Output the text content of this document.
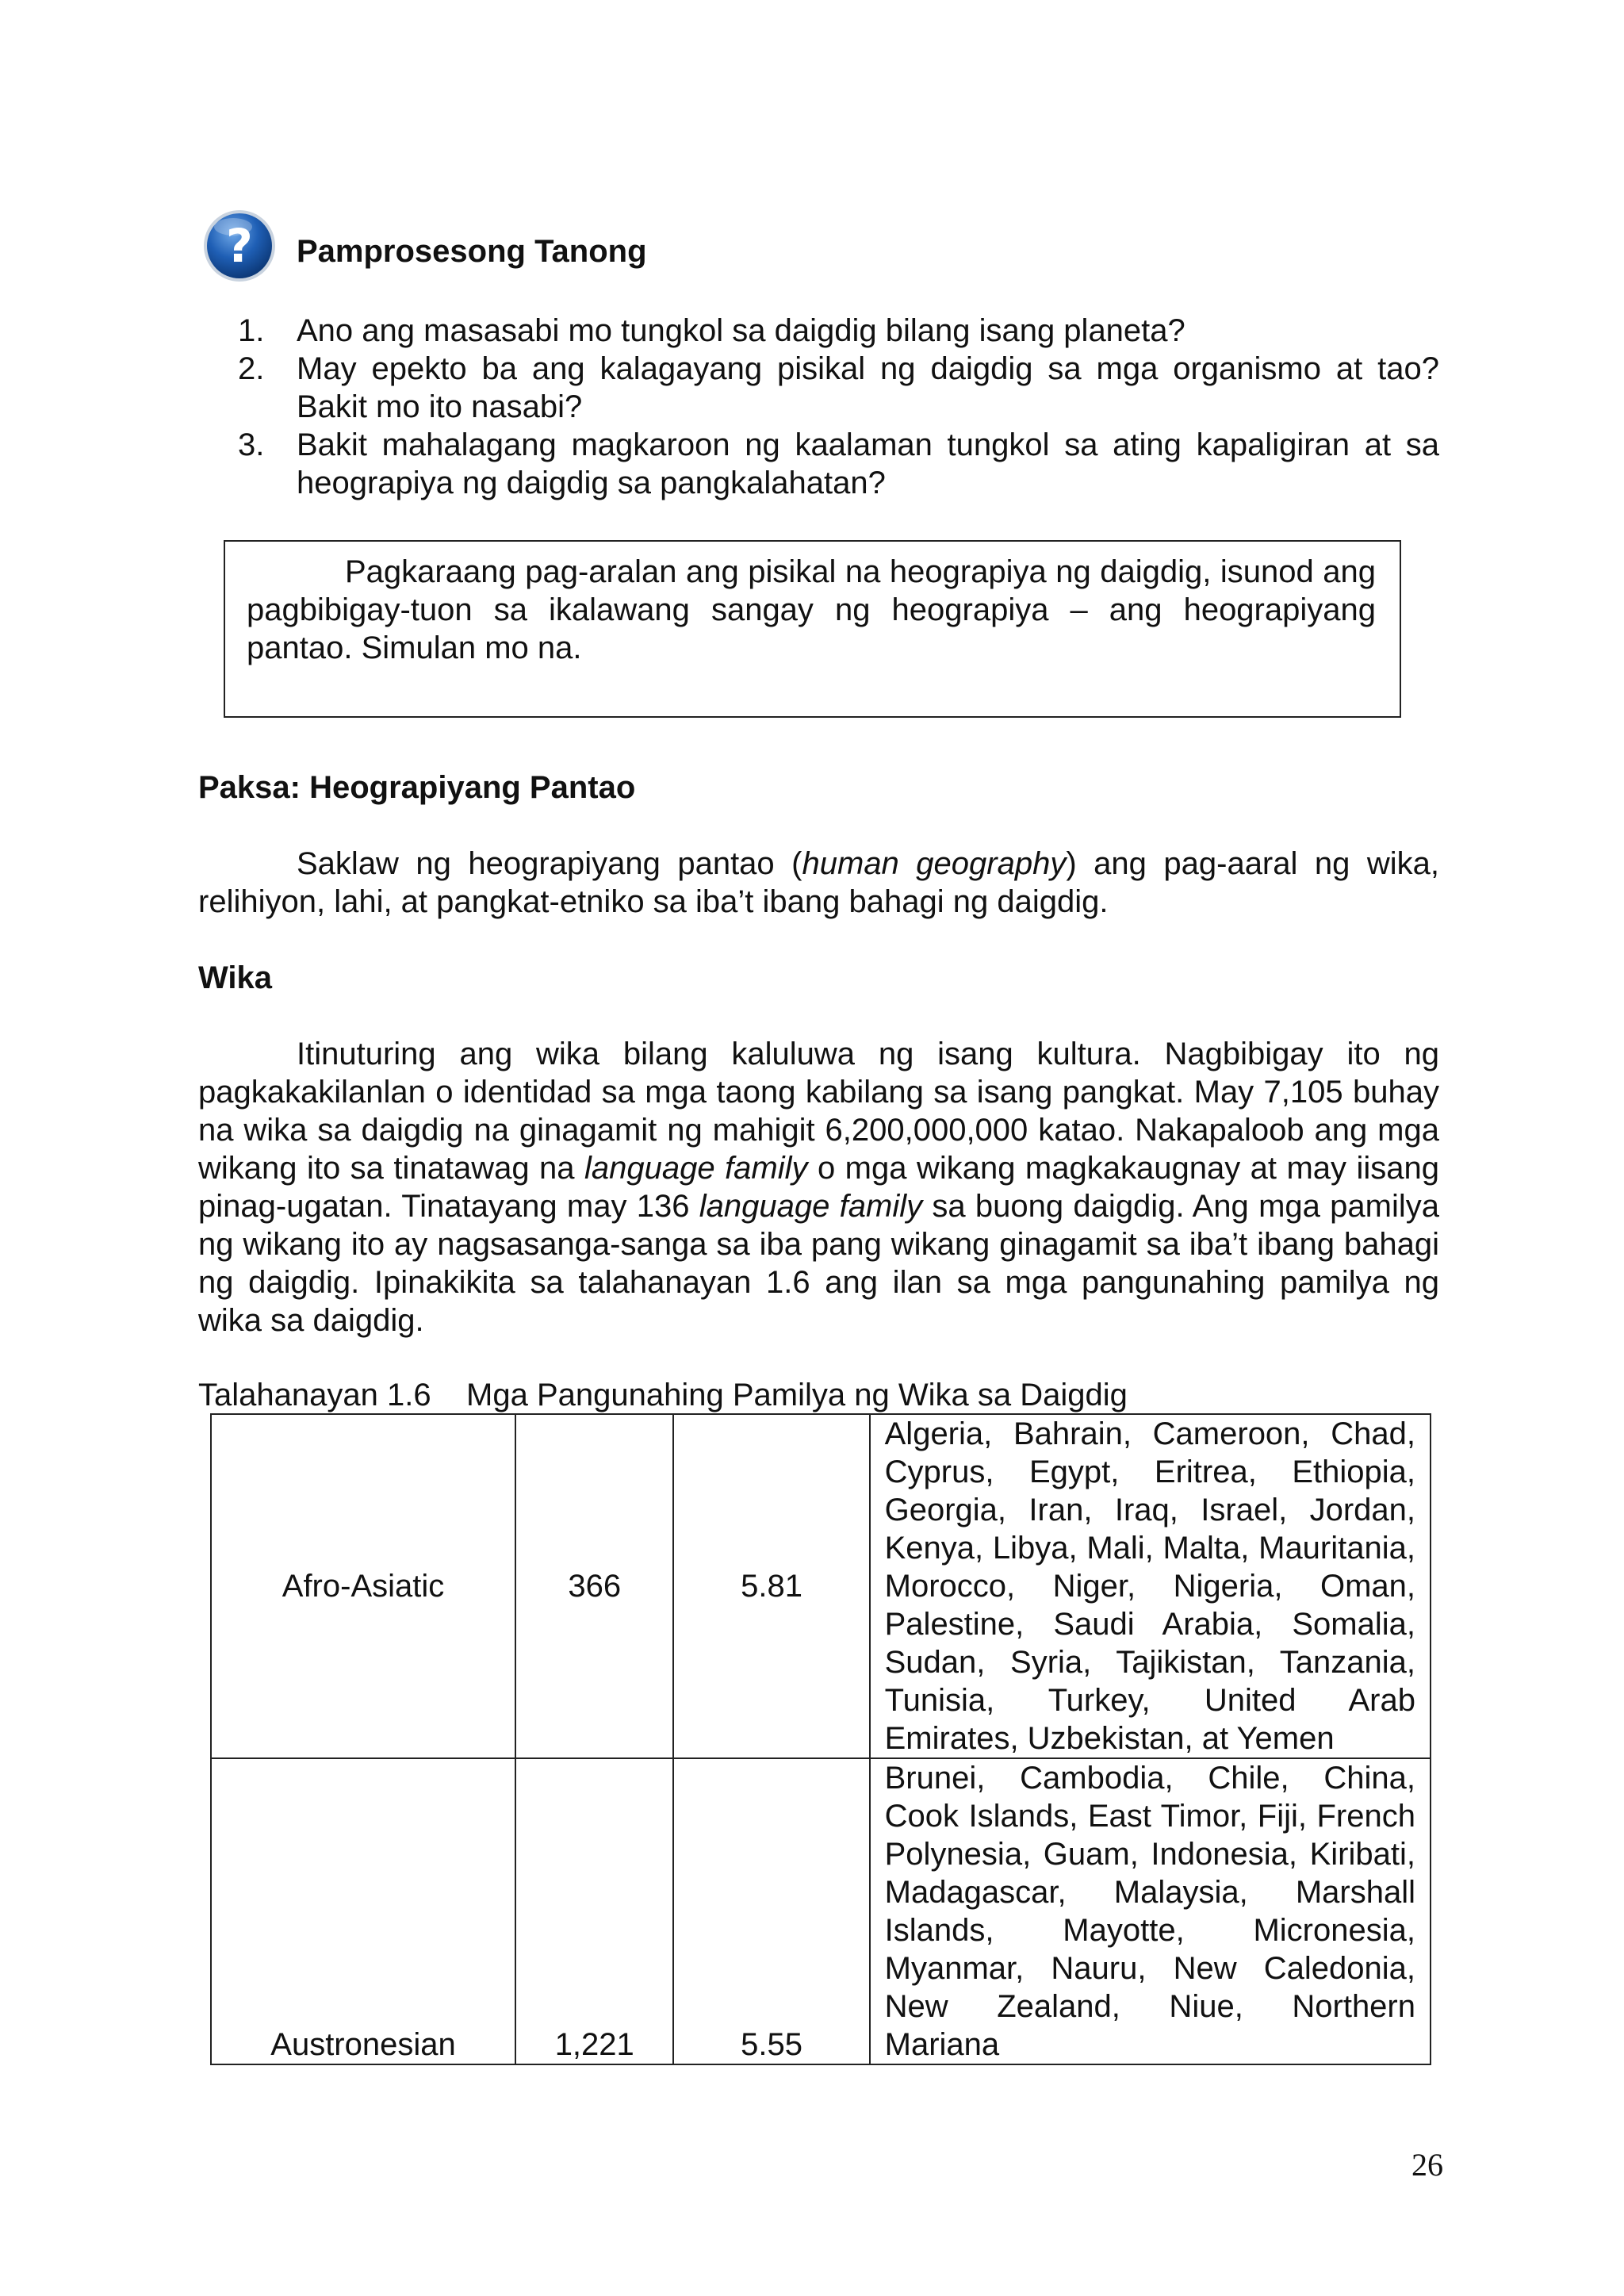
? Pamprosesong Tanong
1.	Ano ang masasabi mo tungkol sa daigdig bilang isang planeta?
2.	May epekto ba ang kalagayang pisikal ng daigdig sa mga organismo at tao? Bakit mo ito nasabi?
3.	Bakit mahalagang magkaroon ng kaalaman tungkol sa ating kapaligiran at sa heograpiya ng daigdig sa pangkalahatan?
Pagkaraang pag-aralan ang pisikal na heograpiya ng daigdig, isunod ang pagbibigay-tuon sa ikalawang sangay ng heograpiya – ang heograpiyang pantao. Simulan mo na.
Paksa: Heograpiyang Pantao
Saklaw ng heograpiyang pantao (human geography) ang pag-aaral ng wika, relihiyon, lahi, at pangkat-etniko sa iba’t ibang bahagi ng daigdig.
Wika
Itinuturing ang wika bilang kaluluwa ng isang kultura. Nagbibigay ito ng pagkakakilanlan o identidad sa mga taong kabilang sa isang pangkat. May 7,105 buhay na wika sa daigdig na ginagamit ng mahigit 6,200,000,000 katao. Nakapaloob ang mga wikang ito sa tinatawag na language family o mga wikang magkakaugnay at may iisang pinag-ugatan. Tinatayang may 136 language family sa buong daigdig. Ang mga pamilya ng wikang ito ay nagsasanga-sanga sa iba pang wikang ginagamit sa iba’t ibang bahagi ng daigdig. Ipinakikita sa talahanayan 1.6 ang ilan sa mga pangunahing pamilya ng wika sa daigdig.
Talahanayan 1.6    Mga Pangunahing Pamilya ng Wika sa Daigdig
Afro-Asiatic	366	5.81	Algeria, Bahrain, Cameroon, Chad, Cyprus, Egypt, Eritrea, Ethiopia, Georgia, Iran, Iraq, Israel, Jordan, Kenya, Libya, Mali, Malta, Mauritania, Morocco, Niger, Nigeria, Oman, Palestine, Saudi Arabia, Somalia, Sudan, Syria, Tajikistan, Tanzania, Tunisia, Turkey, United Arab Emirates, Uzbekistan, at Yemen
Austronesian	1,221	5.55	Brunei, Cambodia, Chile, China, Cook Islands, East Timor, Fiji, French Polynesia, Guam, Indonesia, Kiribati, Madagascar, Malaysia, Marshall Islands, Mayotte, Micronesia, Myanmar, Nauru, New Caledonia, New Zealand, Niue, Northern Mariana
26
